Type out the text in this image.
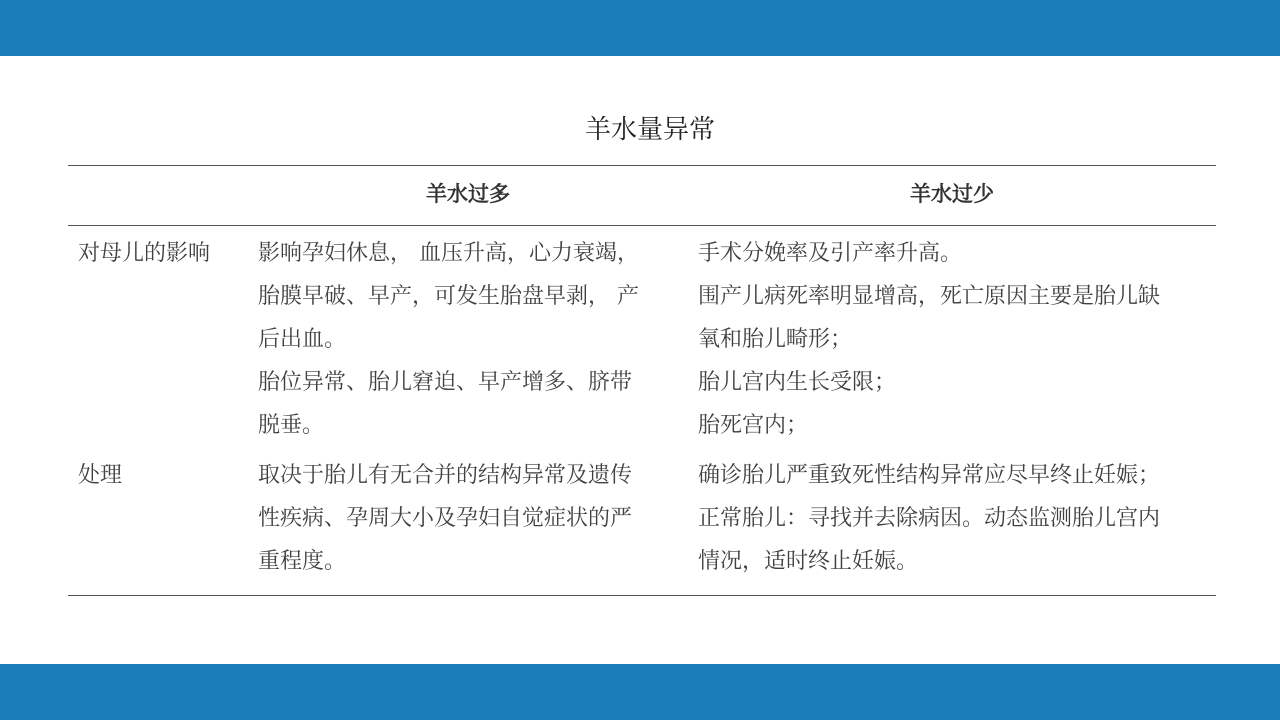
羊水量异常
羊水过多	羊水过少
对母儿的影响 影响孕妇休息， 血压升高，心力衰竭，
胎膜早破、早产，可发生胎盘早剥， 产
后出血。
胎位异常、胎儿窘迫、早产增多、脐带
脱垂。
手术分娩率及引产率升高。
围产儿病死率明显增高，死亡原因主要是胎儿缺
氧和胎儿畸形；
胎儿宫内生长受限；
胎死宫内；
处理	取决于胎儿有无合并的结构异常及遗传
性疾病、孕周大小及孕妇自觉症状的严
重程度。
确诊胎儿严重致死性结构异常应尽早终止妊娠；
正常胎儿：寻找并去除病因。动态监测胎儿宫内
情况，适时终止妊娠。
